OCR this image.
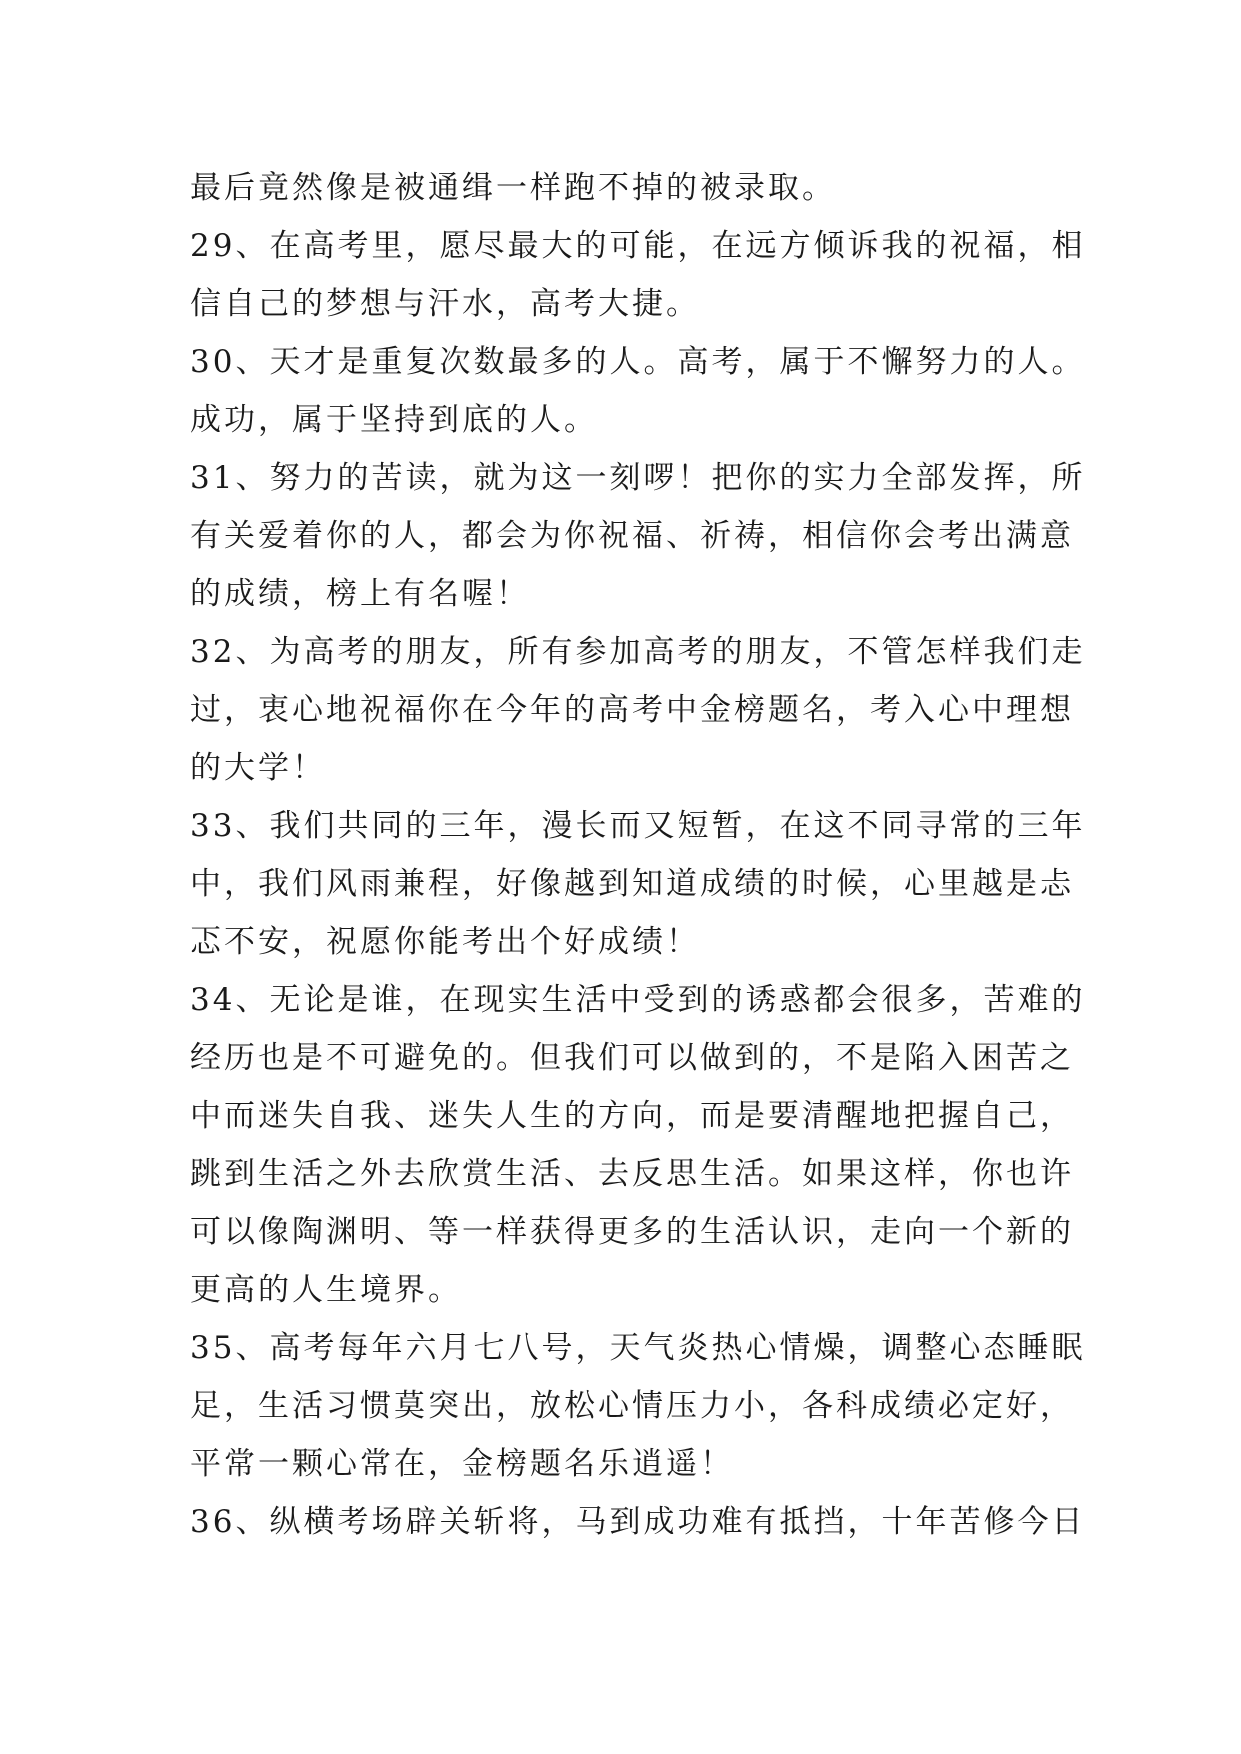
最后竟然像是被通缉一样跑不掉的被录取。
29、在高考里，愿尽最大的可能，在远方倾诉我的祝福，相
信自己的梦想与汗水，高考大捷。
30、天才是重复次数最多的人。高考，属于不懈努力的人。
成功，属于坚持到底的人。
31、努力的苦读，就为这一刻啰！把你的实力全部发挥，所
有关爱着你的人，都会为你祝福、祈祷，相信你会考出满意
的成绩，榜上有名喔！
32、为高考的朋友，所有参加高考的朋友，不管怎样我们走
过，衷心地祝福你在今年的高考中金榜题名，考入心中理想
的大学！
33、我们共同的三年，漫长而又短暂，在这不同寻常的三年
中，我们风雨兼程，好像越到知道成绩的时候，心里越是忐
忑不安，祝愿你能考出个好成绩！
34、无论是谁，在现实生活中受到的诱惑都会很多，苦难的
经历也是不可避免的。但我们可以做到的，不是陷入困苦之
中而迷失自我、迷失人生的方向，而是要清醒地把握自己，
跳到生活之外去欣赏生活、去反思生活。如果这样，你也许
可以像陶渊明、等一样获得更多的生活认识，走向一个新的
更高的人生境界。
35、高考每年六月七八号，天气炎热心情燥，调整心态睡眠
足，生活习惯莫突出，放松心情压力小，各科成绩必定好，
平常一颗心常在，金榜题名乐逍遥！
36、纵横考场辟关斩将，马到成功难有抵挡，十年苦修今日
